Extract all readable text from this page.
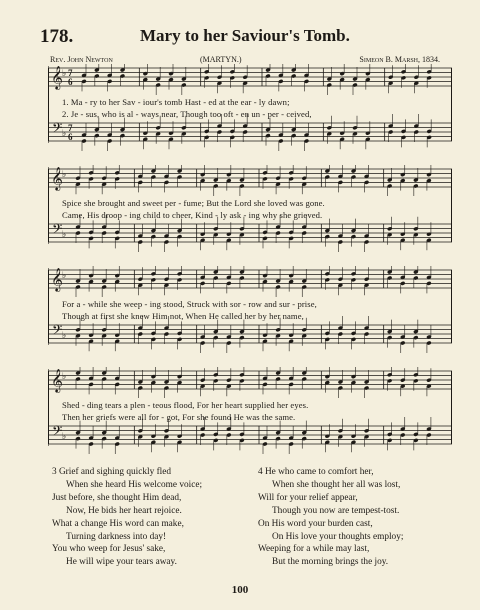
178.	Mary to her Saviour's Tomb.
Rev. John Newton	(MARTYN.)	Simeon B. Marsh, 1834.
𝄞
𝄢
♭
♭
7
6
7
6
1. Ma - ry to her Sav - iour's tomb Hast - ed at the ear - ly dawn;
2. Je - sus, who is al - ways near, Though too oft - en un - per - ceived,
𝄞
𝄢
♭
♭
Spice she brought and sweet per - fume; But the Lord she loved was gone.
Came, His droop - ing child to cheer, Kind - ly ask - ing why she grieved.
𝄞
𝄢
♭
♭
For a - while she weep - ing stood, Struck with sor - row and sur - prise,
Though at first she knew Him not, When He called her by her name,
𝄞
𝄢
♭
♭
Shed - ding tears a plen - teous flood, For her heart supplied her eyes.
Then her griefs were all for - got, For she found He was the same.
3 Grief and sighing quickly fled
When she heard His welcome voice;
Just before, she thought Him dead,
Now, He bids her heart rejoice.
What a change His word can make,
Turning darkness into day!
You who weep for Jesus' sake,
He will wipe your tears away.
4 He who came to comfort her,
When she thought her all was lost,
Will for your relief appear,
Though you now are tempest-tost.
On His word your burden cast,
On His love your thoughts employ;
Weeping for a while may last,
But the morning brings the joy.
100
